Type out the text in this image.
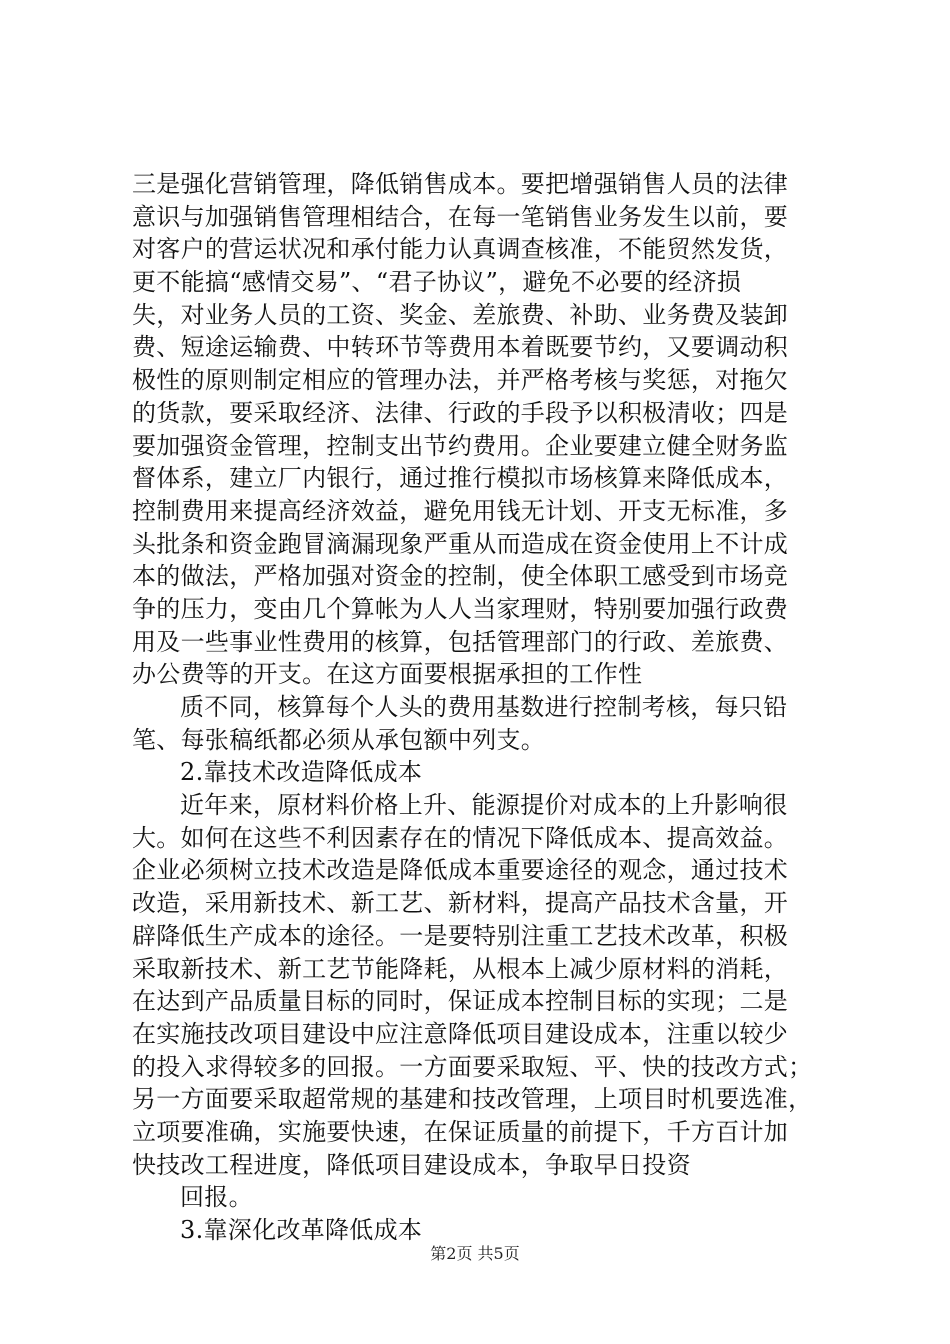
三是强化营销管理，降低销售成本。要把增强销售人员的法律
意识与加强销售管理相结合，在每一笔销售业务发生以前，要
对客户的营运状况和承付能力认真调查核准，不能贸然发货，
更不能搞“感情交易”、“君子协议”，避免不必要的经济损
失，对业务人员的工资、奖金、差旅费、补助、业务费及装卸
费、短途运输费、中转环节等费用本着既要节约，又要调动积
极性的原则制定相应的管理办法，并严格考核与奖惩，对拖欠
的货款，要采取经济、法律、行政的手段予以积极清收；四是
要加强资金管理，控制支出节约费用。企业要建立健全财务监
督体系，建立厂内银行，通过推行模拟市场核算来降低成本，
控制费用来提高经济效益，避免用钱无计划、开支无标准，多
头批条和资金跑冒滴漏现象严重从而造成在资金使用上不计成
本的做法，严格加强对资金的控制，使全体职工感受到市场竞
争的压力，变由几个算帐为人人当家理财，特别要加强行政费
用及一些事业性费用的核算，包括管理部门的行政、差旅费、
办公费等的开支。在这方面要根据承担的工作性
质不同，核算每个人头的费用基数进行控制考核，每只铅
笔、每张稿纸都必须从承包额中列支。
2.靠技术改造降低成本
近年来，原材料价格上升、能源提价对成本的上升影响很
大。如何在这些不利因素存在的情况下降低成本、提高效益。
企业必须树立技术改造是降低成本重要途径的观念，通过技术
改造，采用新技术、新工艺、新材料，提高产品技术含量，开
辟降低生产成本的途径。一是要特别注重工艺技术改革，积极
采取新技术、新工艺节能降耗，从根本上减少原材料的消耗，
在达到产品质量目标的同时，保证成本控制目标的实现；二是
在实施技改项目建设中应注意降低项目建设成本，注重以较少
的投入求得较多的回报。一方面要采取短、平、快的技改方式；
另一方面要采取超常规的基建和技改管理，上项目时机要选准，
立项要准确，实施要快速，在保证质量的前提下，千方百计加
快技改工程进度，降低项目建设成本，争取早日投资
回报。
3.靠深化改革降低成本
第2页 共5页
